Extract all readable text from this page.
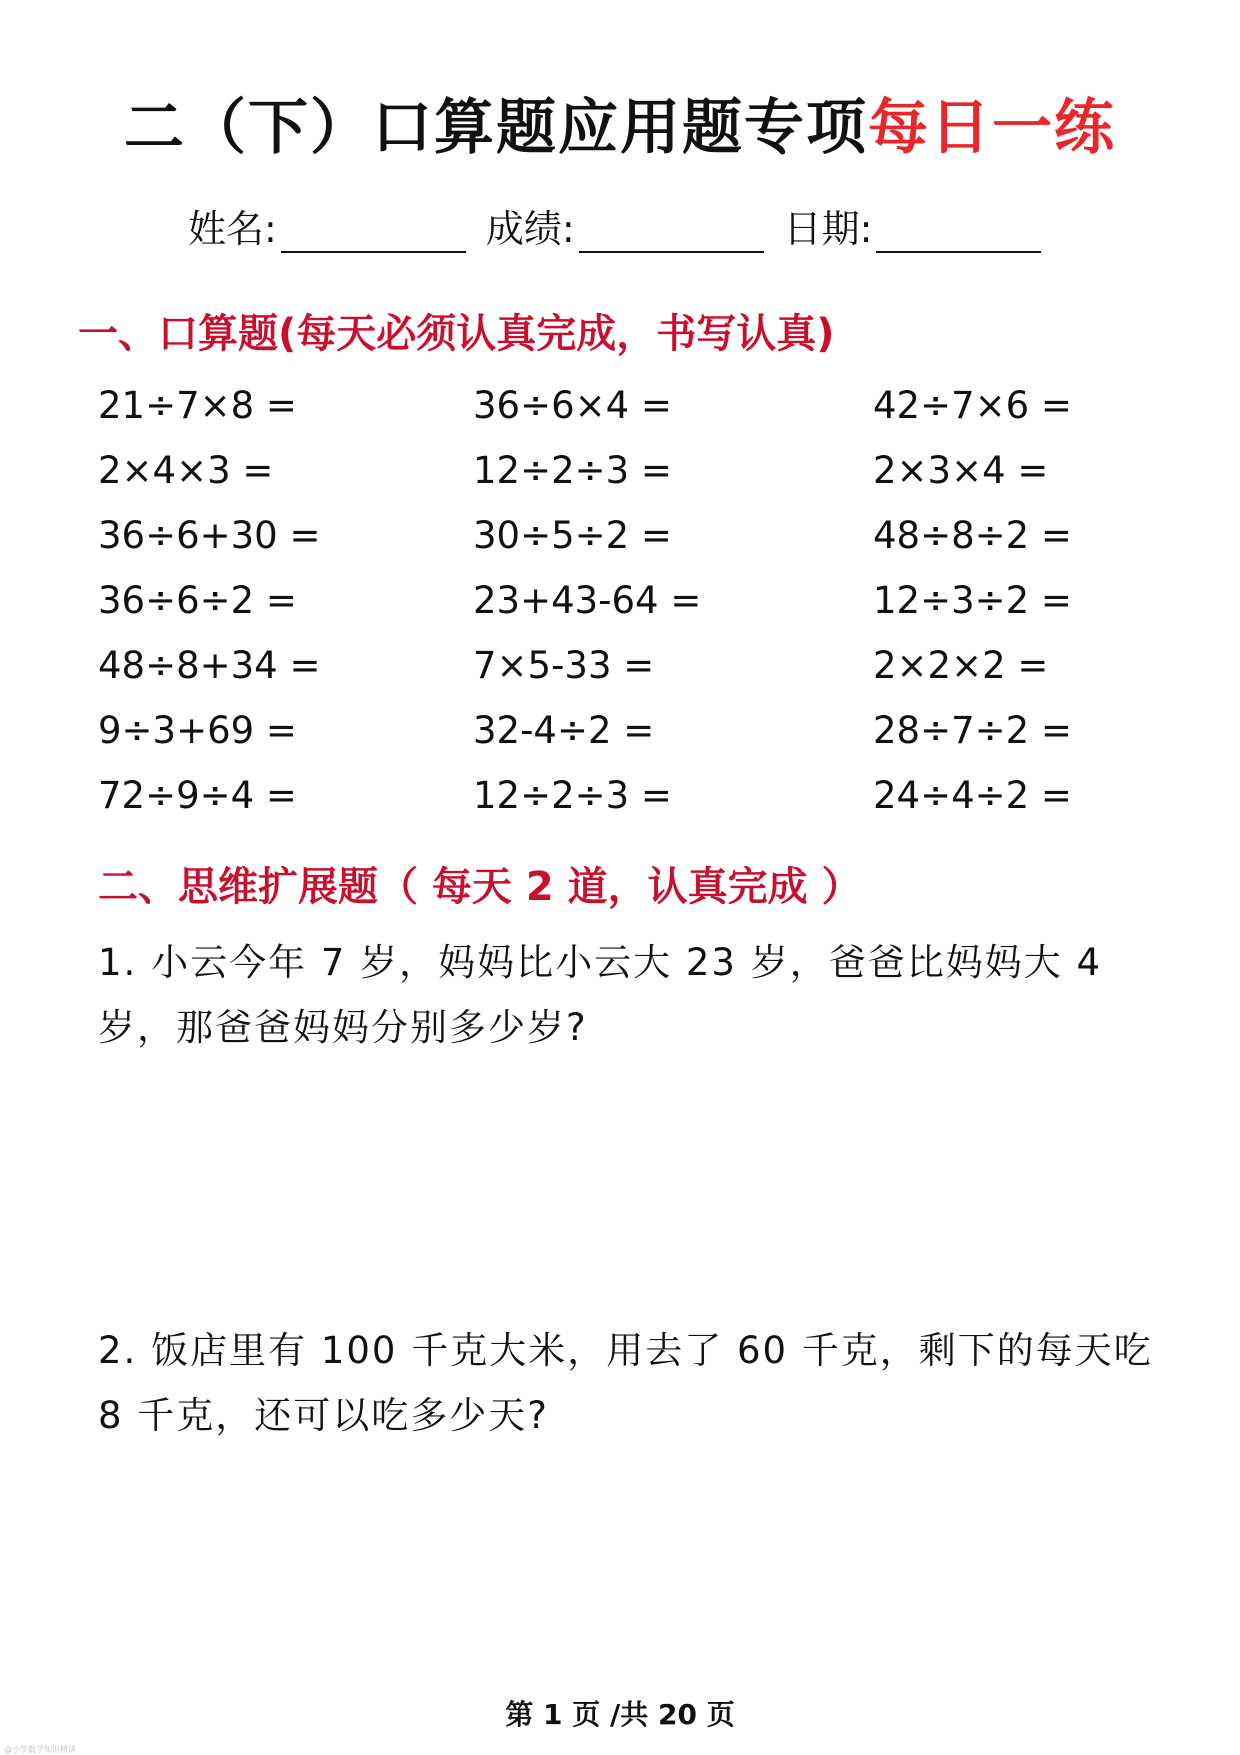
二（下）口算题应用题专项每日一练
姓名:	成绩:	日期:
一、口算题(每天必须认真完成，书写认真)
21÷7×8 =	36÷6×4 =	42÷7×6 =
2×4×3 =	12÷2÷3 =	2×3×4 =
36÷6+30 =	30÷5÷2 =	48÷8÷2 =
36÷6÷2 =	23+43-64 =	12÷3÷2 =
48÷8+34 =	7×5-33 =	2×2×2 =
9÷3+69 =	32-4÷2 =	28÷7÷2 =
72÷9÷4 =	12÷2÷3 =	24÷4÷2 =
二、思维扩展题（ 每天 2 道，认真完成 ）
1. 小云今年 7 岁，妈妈比小云大 23 岁，爸爸比妈妈大 4 岁，那爸爸妈妈分别多少岁?
2. 饭店里有 100 千克大米，用去了 60 千克，剩下的每天吃 8 千克，还可以吃多少天?
第 1 页 /共 20 页
@小学数学知识精讲
